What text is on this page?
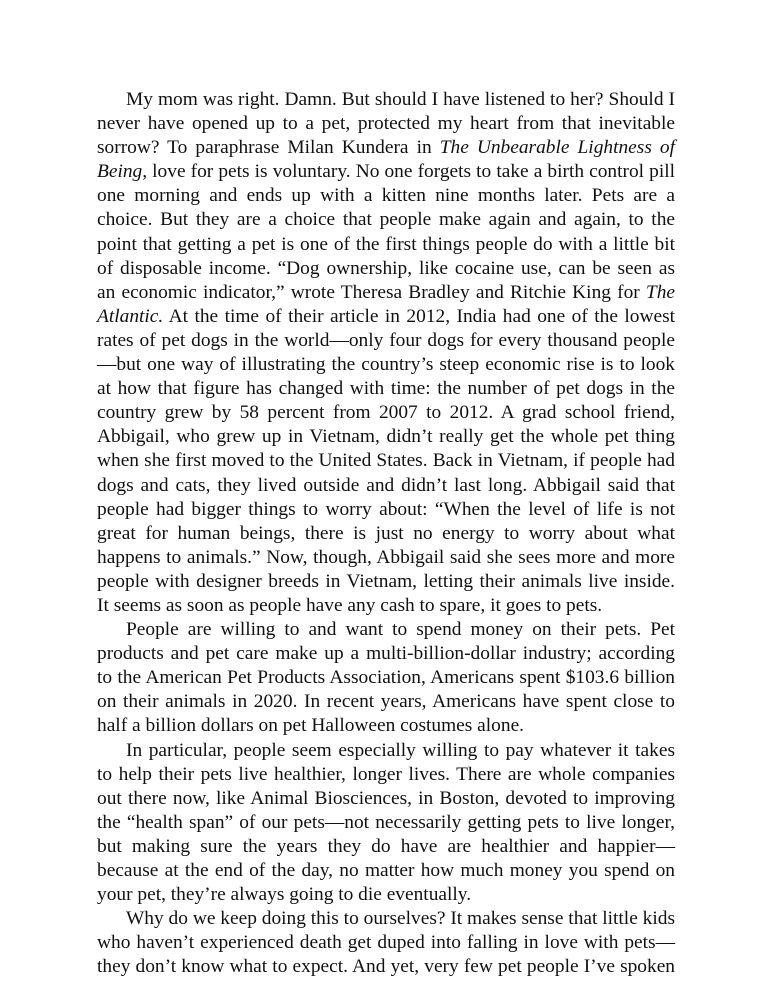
My mom was right. Damn. But should I have listened to her? Should I never have opened up to a pet, protected my heart from that inevitable sorrow? To paraphrase Milan Kundera in The Unbearable Lightness of Being, love for pets is voluntary. No one forgets to take a birth control pill one morning and ends up with a kitten nine months later. Pets are a choice. But they are a choice that people make again and again, to the point that getting a pet is one of the first things people do with a little bit of disposable income. “Dog ownership, like cocaine use, can be seen as an economic indicator,” wrote Theresa Bradley and Ritchie King for The Atlantic. At the time of their article in 2012, India had one of the lowest rates of pet dogs in the world—only four dogs for every thousand people—but one way of illustrating the country’s steep economic rise is to look at how that figure has changed with time: the number of pet dogs in the country grew by 58 percent from 2007 to 2012. A grad school friend, Abbigail, who grew up in Vietnam, didn’t really get the whole pet thing when she first moved to the United States. Back in Vietnam, if people had dogs and cats, they lived outside and didn’t last long. Abbigail said that people had bigger things to worry about: “When the level of life is not great for human beings, there is just no energy to worry about what happens to animals.” Now, though, Abbigail said she sees more and more people with designer breeds in Vietnam, letting their animals live inside. It seems as soon as people have any cash to spare, it goes to pets.

People are willing to and want to spend money on their pets. Pet products and pet care make up a multi-billion-dollar industry; according to the American Pet Products Association, Americans spent $103.6 billion on their animals in 2020. In recent years, Americans have spent close to half a billion dollars on pet Halloween costumes alone.

In particular, people seem especially willing to pay whatever it takes to help their pets live healthier, longer lives. There are whole companies out there now, like Animal Biosciences, in Boston, devoted to improving the “health span” of our pets—not necessarily getting pets to live longer, but making sure the years they do have are healthier and happier—because at the end of the day, no matter how much money you spend on your pet, they’re always going to die eventually.

Why do we keep doing this to ourselves? It makes sense that little kids who haven’t experienced death get duped into falling in love with pets—they don’t know what to expect. And yet, very few pet people I’ve spoken
